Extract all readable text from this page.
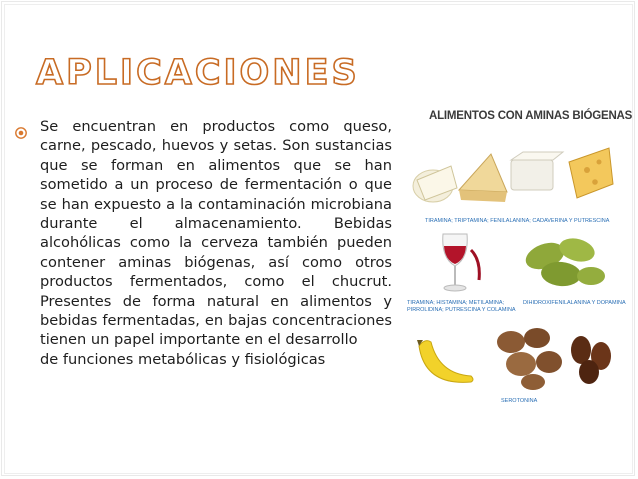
APLICACIONES

Se encuentran en productos como queso, carne, pescado, huevos y setas. Son sustancias que se forman en alimentos que se han sometido a un proceso de fermentación o que se han expuesto a la contaminación microbiana durante el almacenamiento. Bebidas alcohólicas como la cerveza también pueden contener aminas biógenas, así como otros productos fermentados, como el chucrut. Presentes de forma natural en alimentos y bebidas fermentadas, en bajas concentraciones tienen un papel importante en el desarrollo
de funciones metabólicas y fisiológicas

ALIMENTOS CON AMINAS BIÓGENAS
TIRAMINA; TRIPTAMINA; FENILALANINA; CADAVERINA Y PUTRESCINA
TIRAMINA; HISTAMINA; METILAMINA;
PIRROLIDINA; PUTRESCINA Y COLAMINA
DIHIDROXIFENILALANINA Y DOPAMINA
SEROTONINA
